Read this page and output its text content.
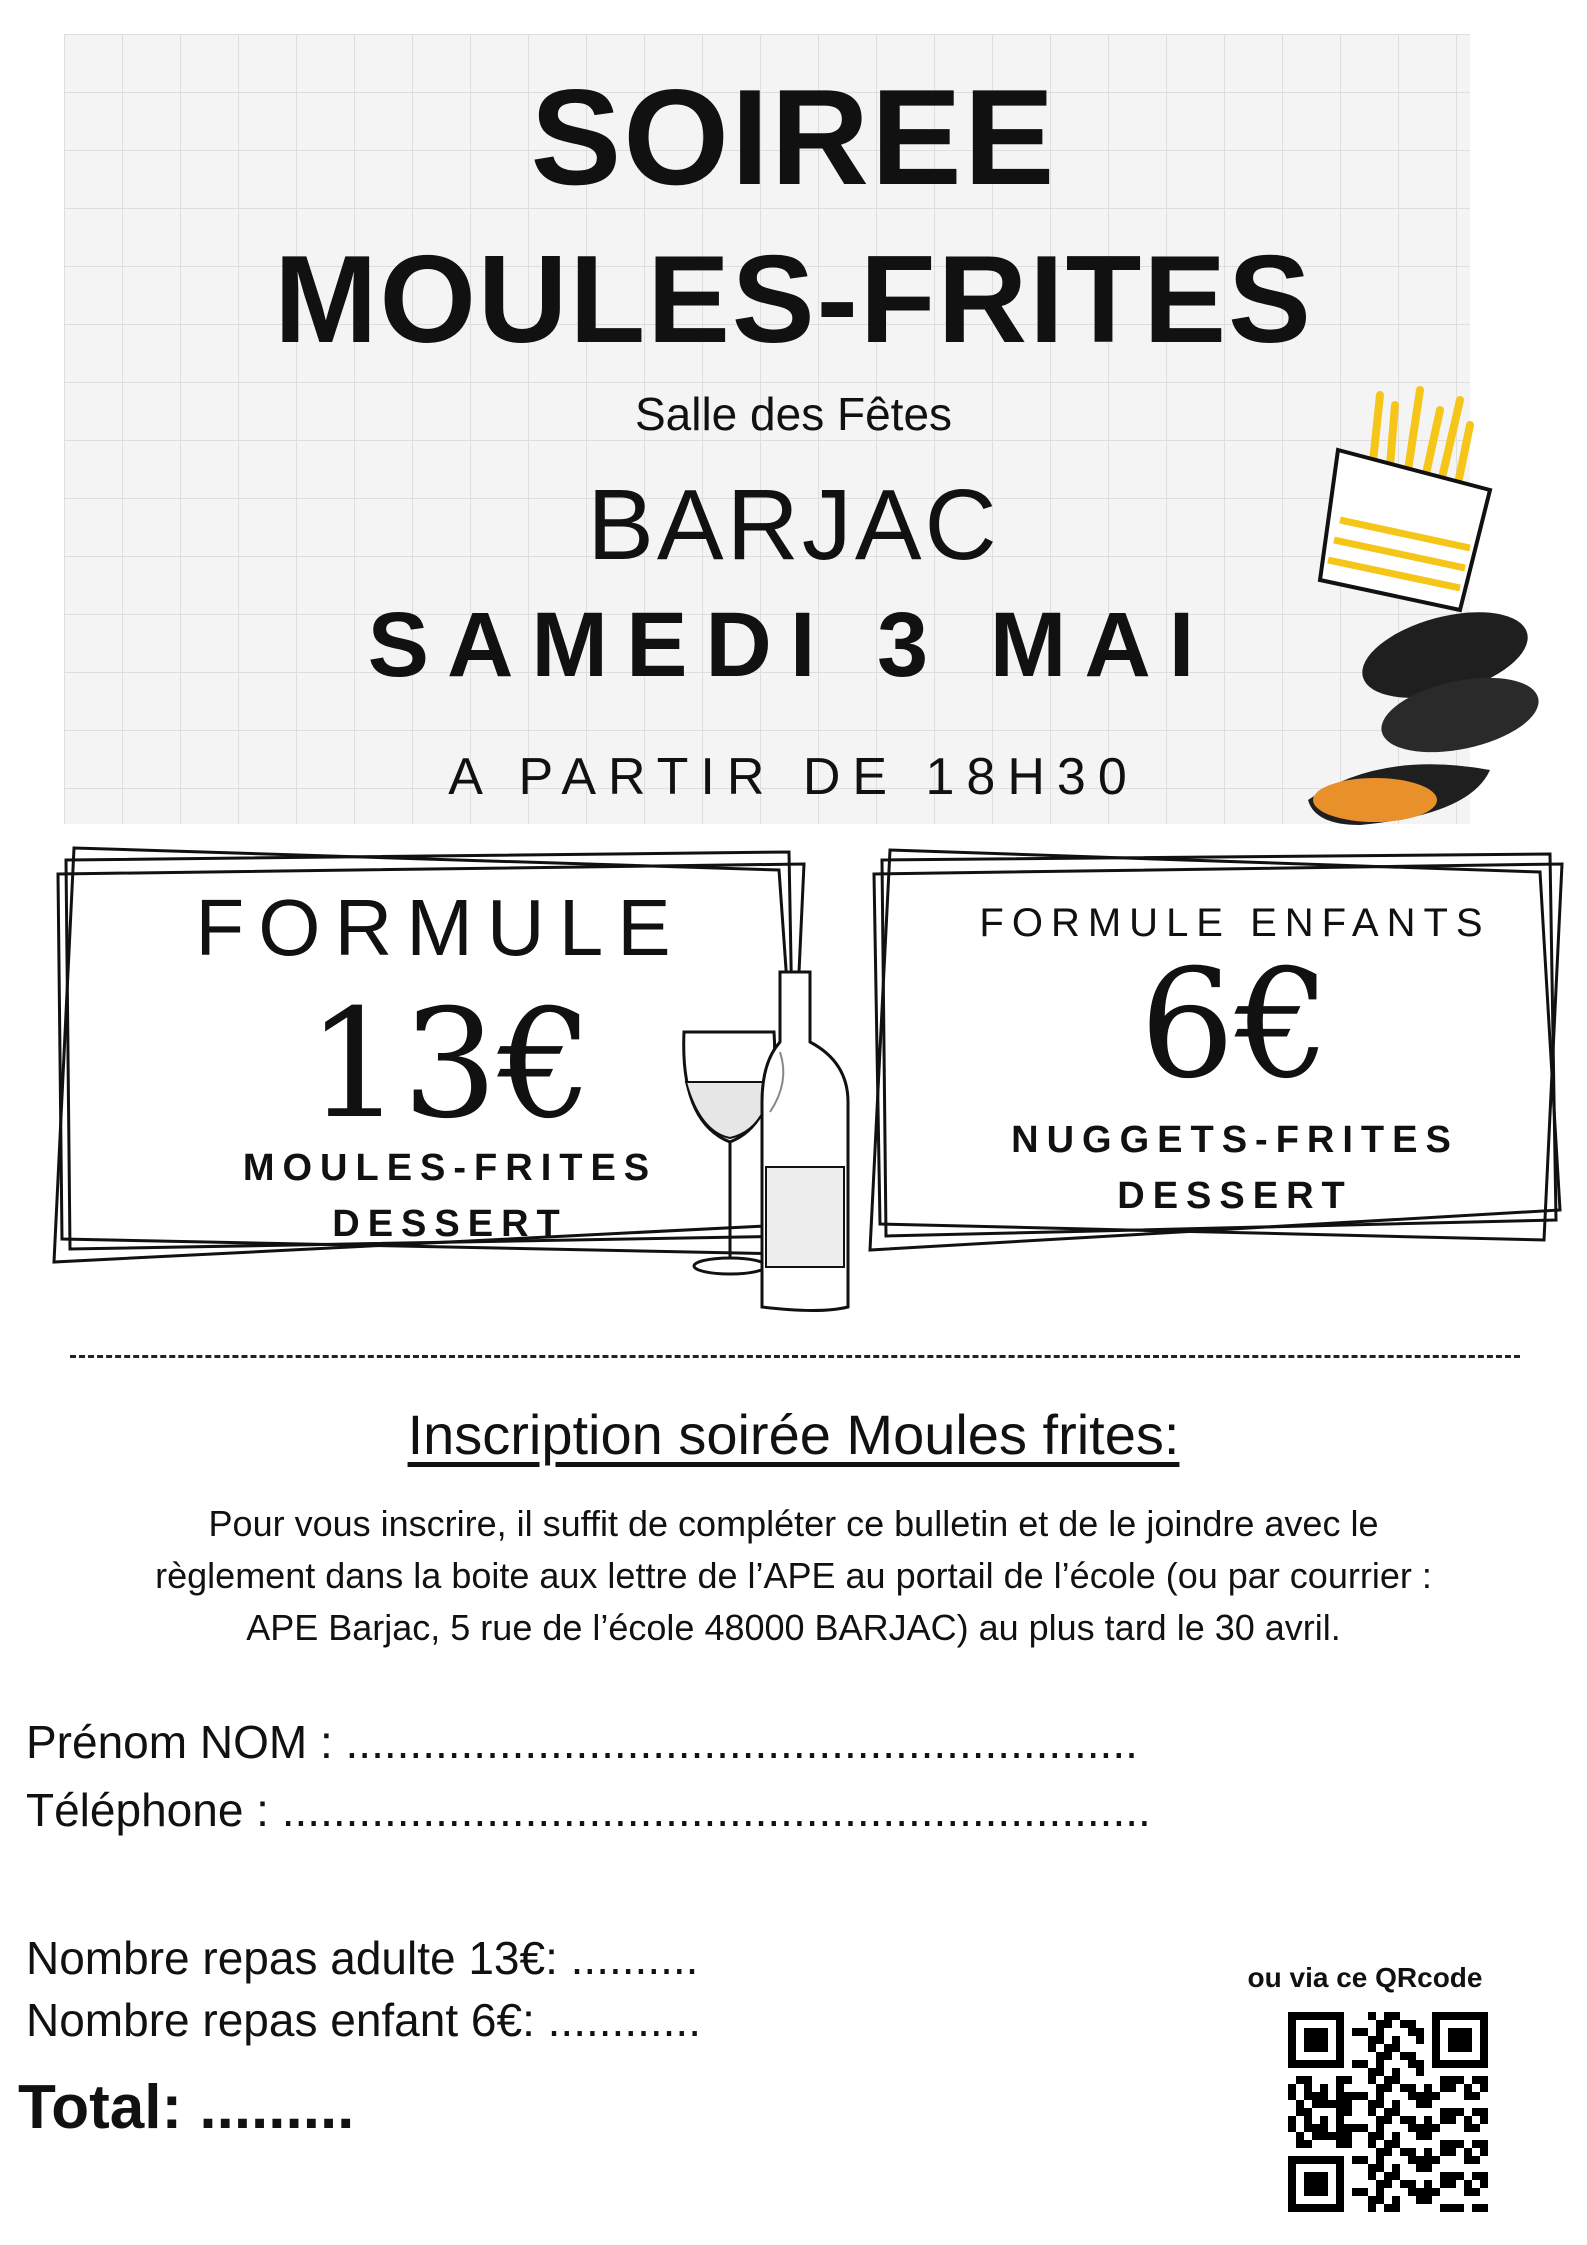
SOIREE
MOULES-FRITES
Salle des Fêtes
BARJAC
SAMEDI 3 MAI
A PARTIR DE 18H30
FORMULE
13€
MOULES-FRITES
DESSERT
FORMULE ENFANTS
6€
NUGGETS-FRITES
DESSERT
Inscription soirée Moules frites:
Pour vous inscrire, il suffit de compléter ce bulletin et de le joindre avec le
règlement dans la boite aux lettre de l’APE au portail de l’école (ou par courrier :
APE Barjac, 5 rue de l’école 48000 BARJAC) au plus tard le 30 avril.
Prénom NOM : ..............................................................
Téléphone : ....................................................................
Nombre repas adulte 13€: ..........
Nombre repas enfant 6€: ............
Total: .........
ou via ce QRcode
